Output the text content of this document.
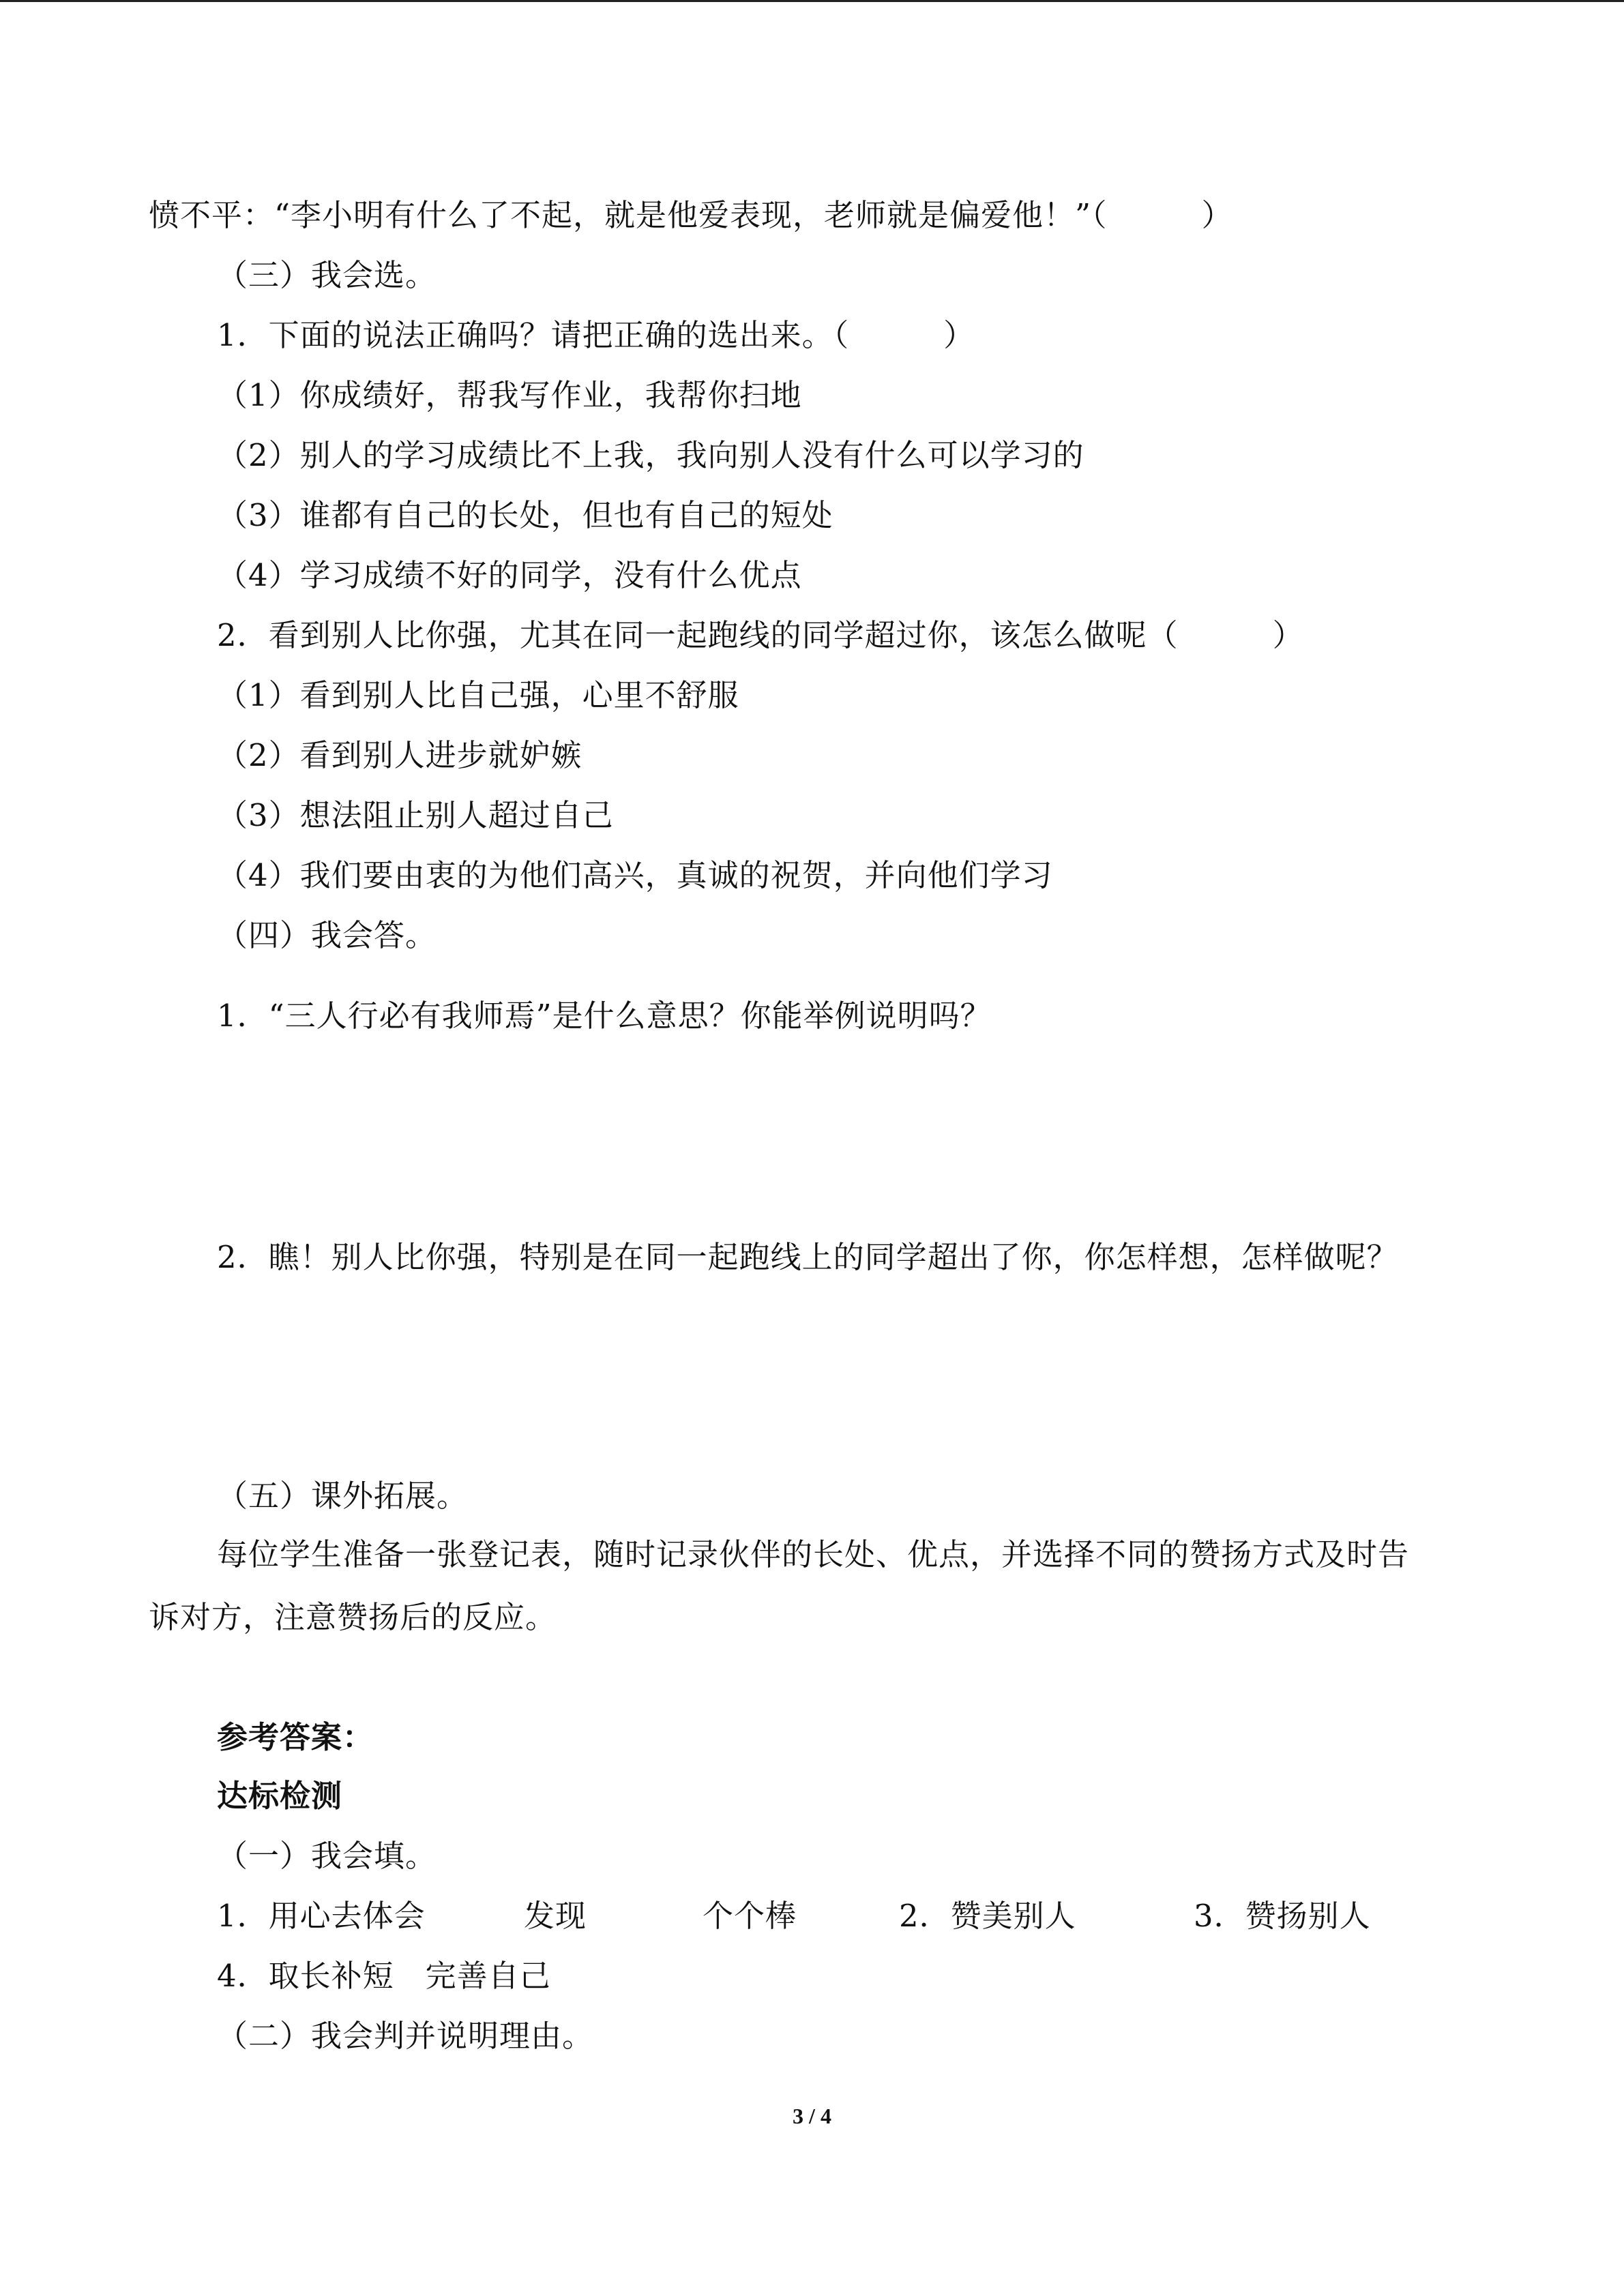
愤不平：“李小明有什么了不起，就是他爱表现，老师就是偏爱他！”（　　　）
（三）我会选。
1．下面的说法正确吗？请把正确的选出来。（　　　）
（1）你成绩好，帮我写作业，我帮你扫地
（2）别人的学习成绩比不上我，我向别人没有什么可以学习的
（3）谁都有自己的长处，但也有自己的短处
（4）学习成绩不好的同学，没有什么优点
2．看到别人比你强，尤其在同一起跑线的同学超过你，该怎么做呢（　　　）
（1）看到别人比自己强，心里不舒服
（2）看到别人进步就妒嫉
（3）想法阻止别人超过自己
（4）我们要由衷的为他们高兴，真诚的祝贺，并向他们学习
（四）我会答。
1．“三人行必有我师焉”是什么意思？你能举例说明吗？
2．瞧！别人比你强，特别是在同一起跑线上的同学超出了你，你怎样想，怎样做呢？
（五）课外拓展。
每位学生准备一张登记表，随时记录伙伴的长处、优点，并选择不同的赞扬方式及时告
诉对方，注意赞扬后的反应。
参考答案：
达标检测
（一）我会填。
1．用心去体会	发现	个个棒	2．赞美别人	3．赞扬别人
4．取长补短　完善自己
（二）我会判并说明理由。
3 / 4
